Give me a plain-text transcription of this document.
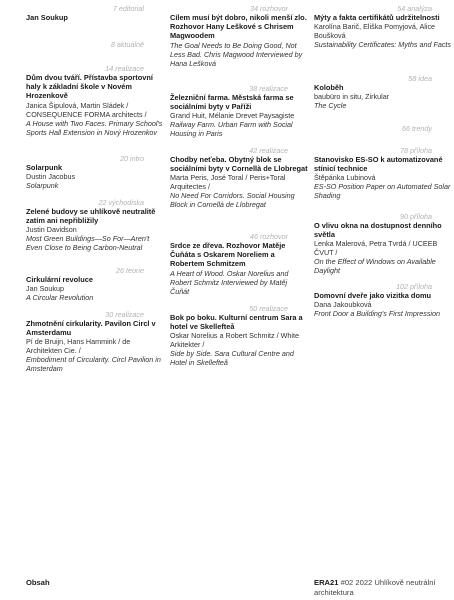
7 editorial
Jan Soukup
8 aktuálně
14 realizace
Dům dvou tváří. Přístavba sportovní haly k základní škole v Novém Hrozenkově
Janica Šipulová, Martin Sládek / CONSEQUENCE FORMA architects /
A House with Two Faces. Primary School's Sports Hall Extension in Nový Hrozenkov
20 intro
Solarpunk
Dustin Jacobus
Solarpunk
22 východiska
Zelené budovy se uhlíkově neutralitě zatím ani nepřibližily
Justin Davidson
Most Green Buildings—So For—Aren't Even Close to Being Carbon-Neutral
26 teorie
Cirkulární revoluce
Jan Soukup
A Circular Revolution
30 realizace
Zhmotnění cirkularity. Pavilon Circl v Amsterdamu
Pí de Bruijn, Hans Hammink / de Architekten Cie. /
Embodiment of Circularity. Circl Pavilion in Amsterdam
34 rozhovor
Cílem musí být dobro, nikoli menší zlo. Rozhovor Hany Leškové s Chrisem Magwoodem
The Goal Needs to Be Doing Good, Not Less Bad. Chris Magwood Interviewed by Hana Lešková
38 realizace
Železniční farma. Městská farma se sociálními byty v Paříži
Grand Huit, Mélanie Drevet Paysagiste
Railway Farm. Urban Farm with Social Housing in Paris
42 realizace
Chodby neťeba. Obytný blok se sociálními byty v Cornellà de Llobregat
Marta Peris, José Toral / Peris+Toral Arquitectes /
No Need For Corridors. Social Housing Block in Cornellà de Llobregat
46 rozhovor
Srdce ze dřeva. Rozhovor Matěje Čuňáta s Oskarem Noreliem a Robertem Schmitzem
A Heart of Wood. Oskar Norelius and Robert Schmitz Interviewed by Matěj Čuňát
50 realizace
Bok po boku. Kulturní centrum Sara a hotel ve Skellefteå
Oskar Norelius a Robert Schmitz / White Arkitekter /
Side by Side. Sara Cultural Centre and Hotel in Skellefteå
54 analýza
Mýty a fakta certifikátů udržitelnosti
Karolína Barič, Eliška Pomyjová, Alice Boušková
Sustainability Certificates: Myths and Facts
58 idea
Koloběh
baubüro in situ, Zirkular
The Cycle
66 trendy
78 příloha
Stanovisko ES-SO k automatizované stínicí technice
Štěpánka Lubinová
ES-SO Position Paper on Automated Solar Shading
90 příloha
O vlivu okna na dostupnost denního světla
Lenka Malerová, Petra Tvrdá / UCEEB ČVUT /
On the Effect of Windows on Available Daylight
102 příloha
Domovní dveře jako vizitka domu
Dana Jakoubková
Front Door a Building's First Impression
Obsah	ERA21 #02 2022 Uhlíkově neutrální architektura
